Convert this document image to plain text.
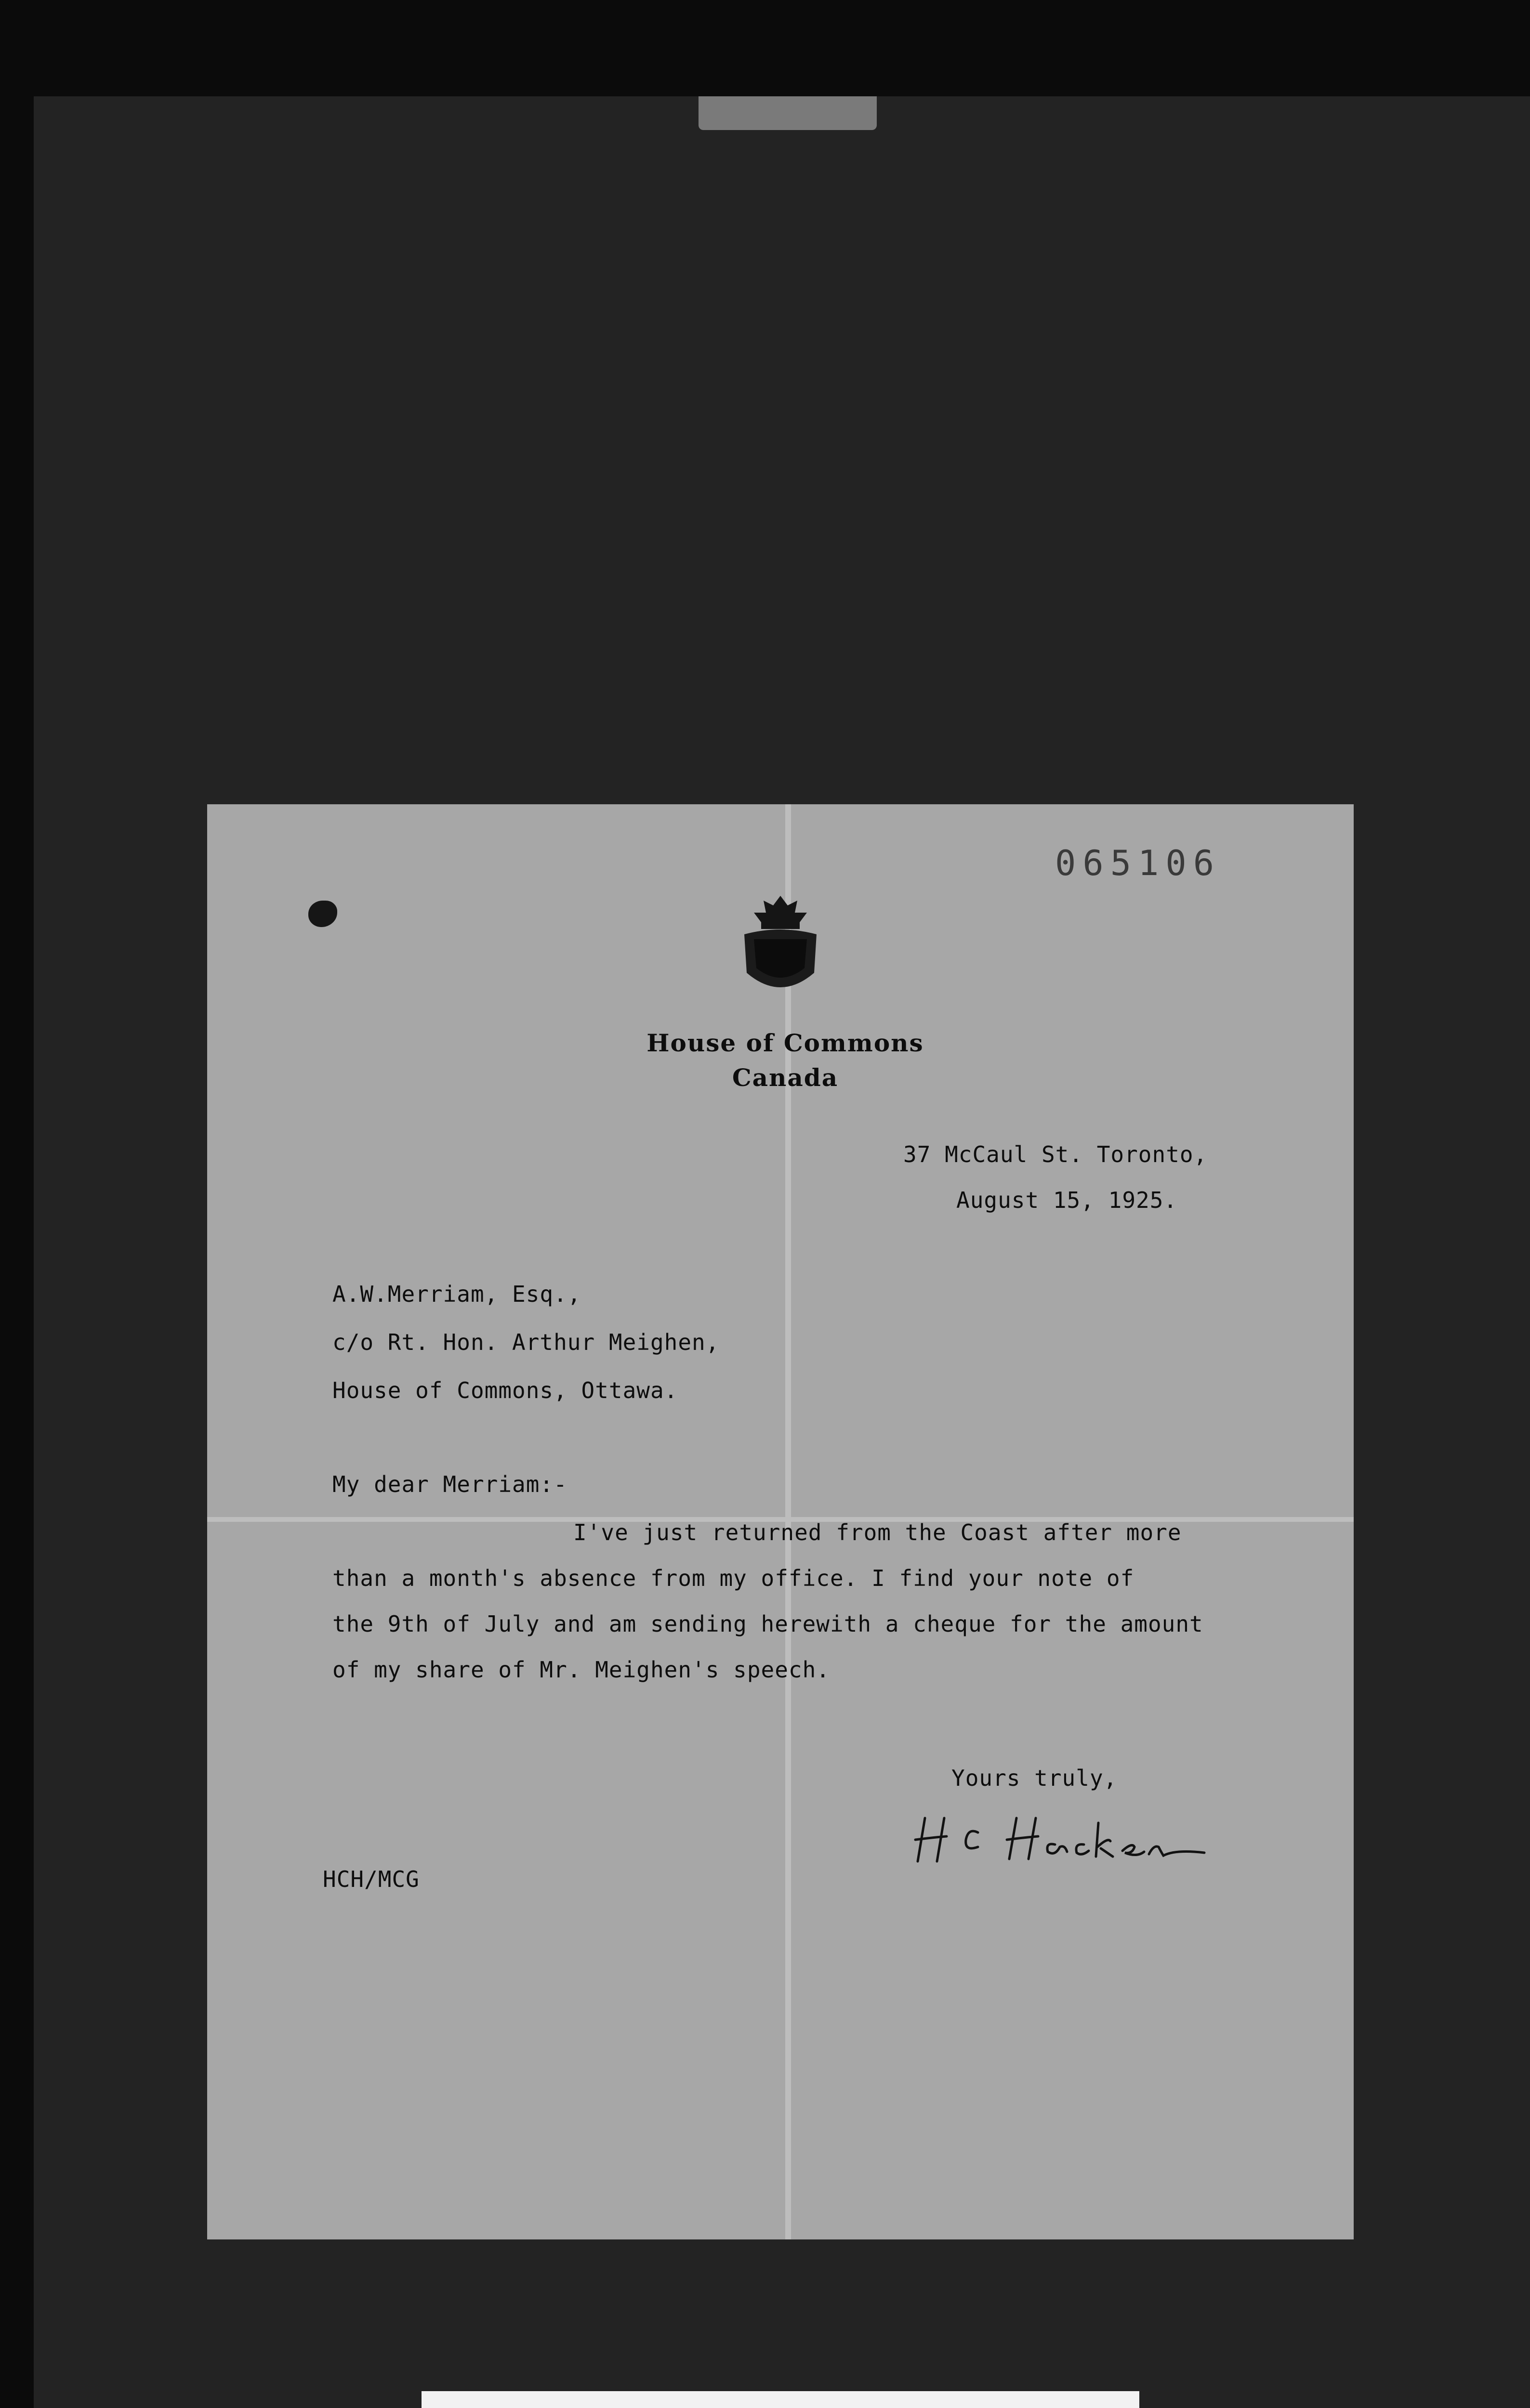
065106
House of Commons
Canada
37 McCaul St. Toronto,
August 15, 1925.
A.W.Merriam, Esq.,
c/o Rt. Hon. Arthur Meighen,
House of Commons, Ottawa.
My dear Merriam:-
I've just returned from the Coast after more
than a month's absence from my office. I find your note of
the 9th of July and am sending herewith a cheque for the amount
of my share of Mr. Meighen's speech.
Yours truly,
HCH/MCG
